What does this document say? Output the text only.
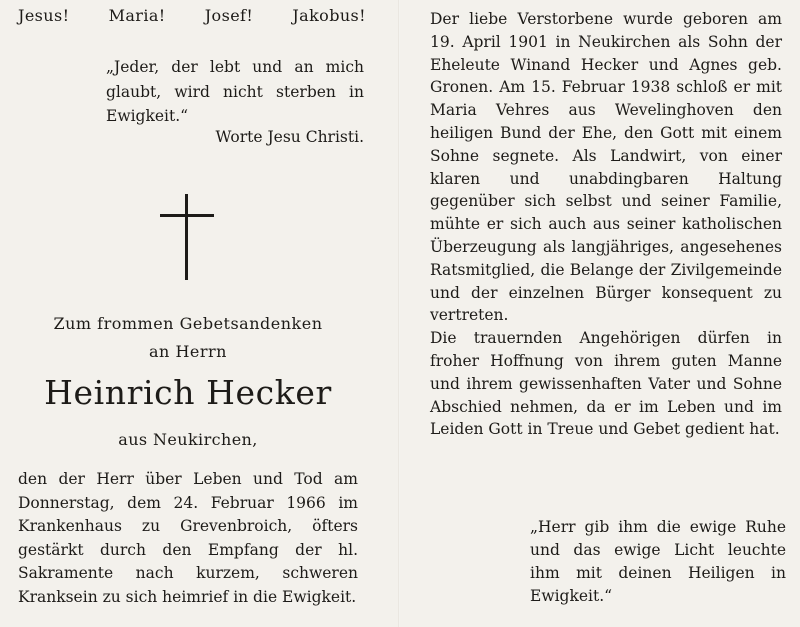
Jesus! Maria! Josef! Jakobus!
„Jeder, der lebt und an mich glaubt, wird nicht sterben in Ewigkeit.“
Worte Jesu Christi.
Zum frommen Gebetsandenken
an Herrn
Heinrich Hecker
aus Neukirchen,
den der Herr über Leben und Tod am Donnerstag, dem 24. Februar 1966 im Krankenhaus zu Grevenbroich, öfters gestärkt durch den Empfang der hl. Sakramente nach kurzem, schweren Kranksein zu sich heimrief in die Ewigkeit.

Der liebe Verstorbene wurde geboren am 19. April 1901 in Neukirchen als Sohn der Eheleute Winand Hecker und Agnes geb. Gronen. Am 15. Februar 1938 schloß er mit Maria Vehres aus Wevelinghoven den heiligen Bund der Ehe, den Gott mit einem Sohne segnete. Als Landwirt, von einer klaren und unabdingbaren Haltung gegenüber sich selbst und seiner Familie, mühte er sich auch aus seiner katholischen Überzeugung als langjähriges, angesehenes Ratsmitglied, die Belange der Zivilgemeinde und der einzelnen Bürger konsequent zu vertreten.

Die trauernden Angehörigen dürfen in froher Hoffnung von ihrem guten Manne und ihrem gewissenhaften Vater und Sohne Abschied nehmen, da er im Leben und im Leiden Gott in Treue und Gebet gedient hat.

„Herr gib ihm die ewige Ruhe und das ewige Licht leuchte ihm mit deinen Heiligen in Ewigkeit.“
